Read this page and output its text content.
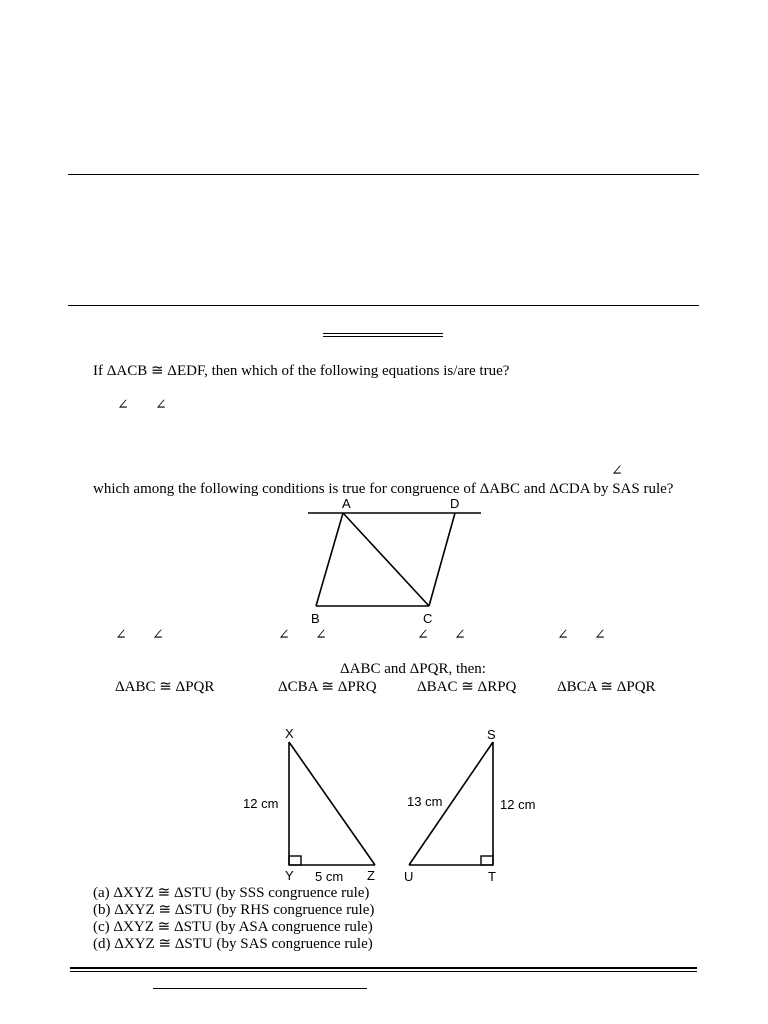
If ΔACB ≅ ΔEDF, then which of the following equations is/are true?
∠ ∠
∠
which among the following conditions is true for congruence of ΔABC and ΔCDA by SAS rule?
A	D
B	C
∠ ∠	∠ ∠	∠ ∠	∠ ∠
ΔABC and ΔPQR, then:
ΔABC ≅ ΔPQR	ΔCBA ≅ ΔPRQ	ΔBAC ≅ ΔRPQ	ΔBCA ≅ ΔPQR
X
Y	Z
12 cm
5 cm
S
U	T
13 cm	12 cm
(a) ΔXYZ ≅ ΔSTU (by SSS congruence rule)
(b) ΔXYZ ≅ ΔSTU (by RHS congruence rule)
(c) ΔXYZ ≅ ΔSTU (by ASA congruence rule)
(d) ΔXYZ ≅ ΔSTU (by SAS congruence rule)
